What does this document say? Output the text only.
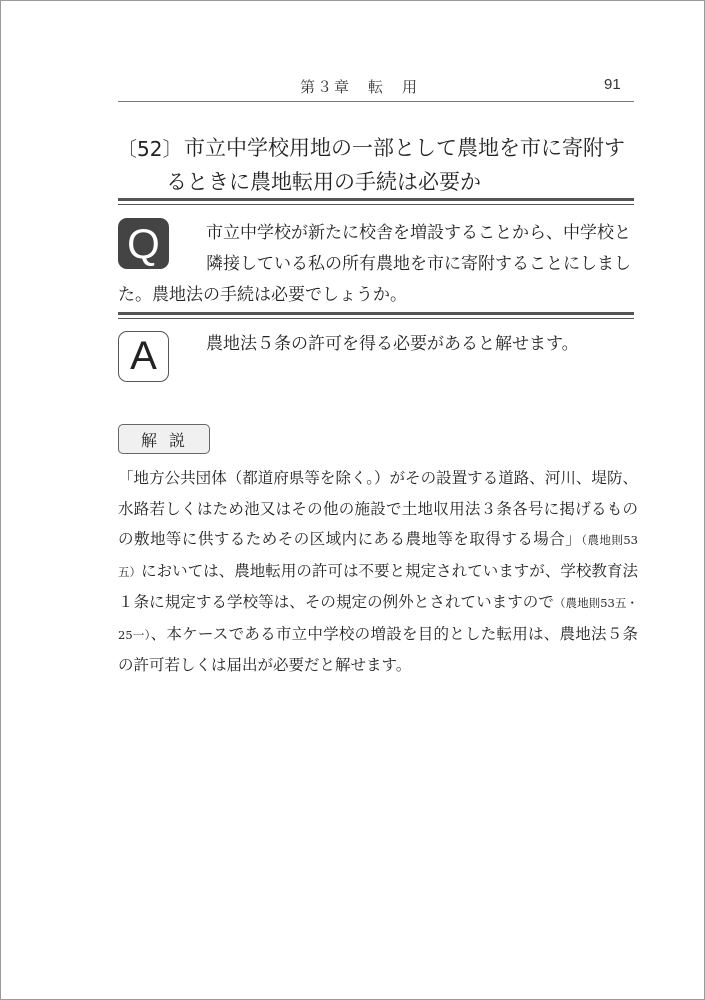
第３章　転　用	91
〔52〕 市立中学校用地の一部として農地を市に寄附す
るときに農地転用の手続は必要か
市立中学校が新たに校舎を増設することから、中学校と隣接している私の所有農地を市に寄附することにしました。農地法の手続は必要でしょうか。
Q
A	農地法５条の許可を得る必要があると解せます。
解説
「地方公共団体（都道府県等を除く。）がその設置する道路、河川、堤防、水路若しくはため池又はその他の施設で土地収用法３条各号に掲げるものの敷地等に供するためその区域内にある農地等を取得する場合」（農地則53五）においては、農地転用の許可は不要と規定されていますが、学校教育法１条に規定する学校等は、その規定の例外とされていますので（農地則53五・25一）、本ケースである市立中学校の増設を目的とした転用は、農地法５条の許可若しくは届出が必要だと解せます。
